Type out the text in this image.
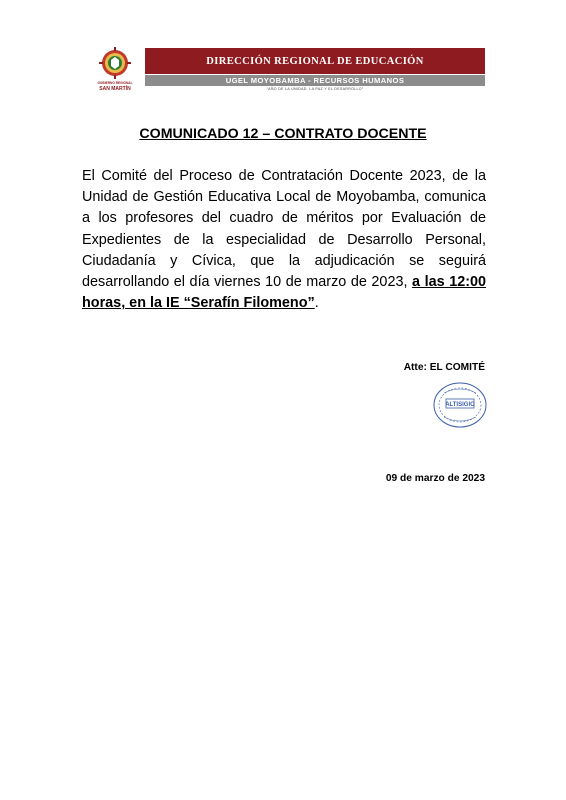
GOBIERNO REGIONAL
SAN MARTÍN
DIRECCIÓN REGIONAL DE EDUCACIÓN
UGEL MOYOBAMBA - RECURSOS HUMANOS
“AÑO DE LA UNIDAD, LA PAZ Y EL DESARROLLO”
COMUNICADO 12 – CONTRATO DOCENTE

El Comité del Proceso de Contratación Docente 2023, de la Unidad de Gestión Educativa Local de Moyobamba, comunica a los profesores del cuadro de méritos por Evaluación de Expedientes de la especialidad de Desarrollo Personal, Ciudadanía y Cívica, que la adjudicación se seguirá desarrollando el día viernes 10 de marzo de 2023, a las 12:00 horas, en la IE “Serafín Filomeno”.

Atte: EL COMITÉ
ALTISIGIO
09 de marzo de 2023
